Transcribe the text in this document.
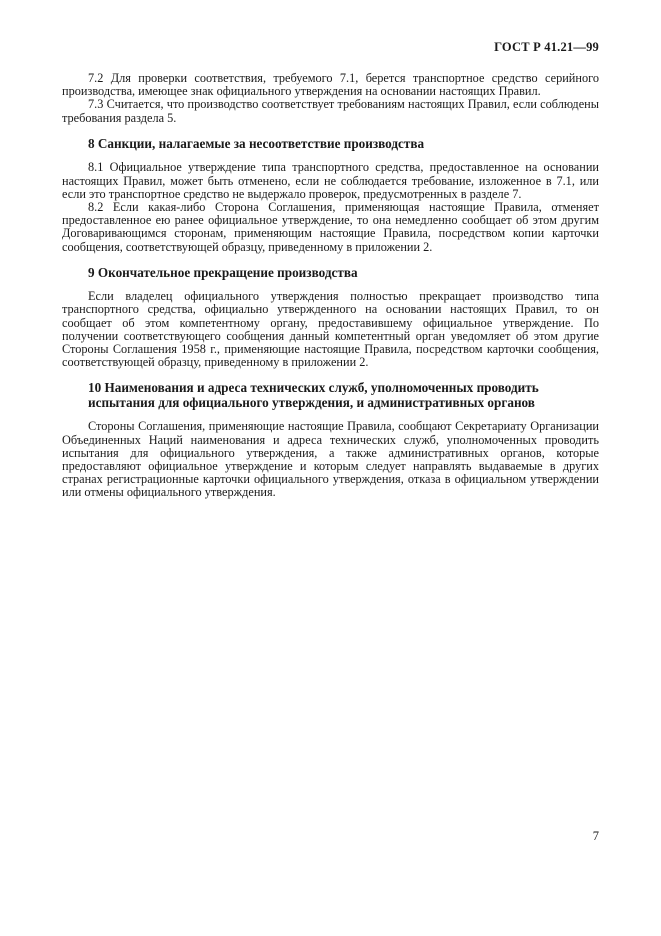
ГОСТ Р 41.21—99

7.2 Для проверки соответствия, требуемого 7.1, берется транспортное средство серийного производства, имеющее знак официального утверждения на основании настоящих Правил.

7.3 Считается, что производство соответствует требованиям настоящих Правил, если соблюдены требования раздела 5.

8 Санкции, налагаемые за несоответствие производства

8.1 Официальное утверждение типа транспортного средства, предоставленное на основании настоящих Правил, может быть отменено, если не соблюдается требование, изложенное в 7.1, или если это транспортное средство не выдержало проверок, предусмотренных в разделе 7.

8.2 Если какая-либо Сторона Соглашения, применяющая настоящие Правила, отменяет предоставленное ею ранее официальное утверждение, то она немедленно сообщает об этом другим Договаривающимся сторонам, применяющим настоящие Правила, посредством копии карточки сообщения, соответствующей образцу, приведенному в приложении 2.

9 Окончательное прекращение производства

Если владелец официального утверждения полностью прекращает производство типа транспортного средства, официально утвержденного на основании настоящих Правил, то он сообщает об этом компетентному органу, предоставившему официальное утверждение. По получении соответствующего сообщения данный компетентный орган уведомляет об этом другие Стороны Соглашения 1958 г., применяющие настоящие Правила, посредством карточки сообщения, соответствующей образцу, приведенному в приложении 2.

10 Наименования и адреса технических служб, уполномоченных проводить испытания для официального утверждения, и административных органов

Стороны Соглашения, применяющие настоящие Правила, сообщают Секретариату Организации Объединенных Наций наименования и адреса технических служб, уполномоченных проводить испытания для официального утверждения, а также административных органов, которые предоставляют официальное утверждение и которым следует направлять выдаваемые в других странах регистрационные карточки официального утверждения, отказа в официальном утверждении или отмены официального утверждения.

7
